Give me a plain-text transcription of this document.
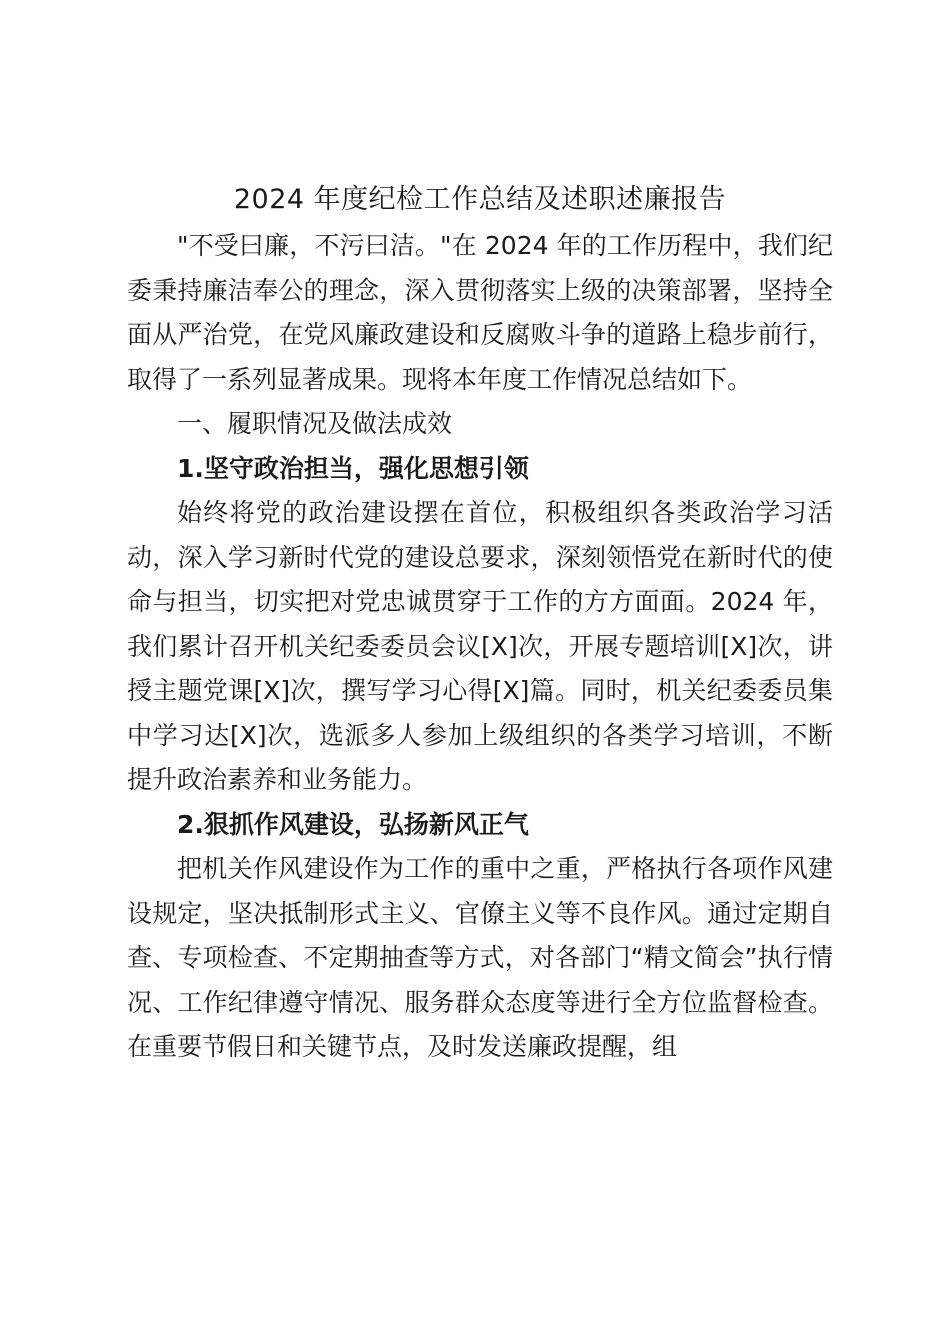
2024 年度纪检工作总结及述职述廉报告

"不受曰廉，不污曰洁。"在 2024 年的工作历程中，我们纪委秉持廉洁奉公的理念，深入贯彻落实上级的决策部署，坚持全面从严治党，在党风廉政建设和反腐败斗争的道路上稳步前行，取得了一系列显著成果。现将本年度工作情况总结如下。

一、履职情况及做法成效

1.坚守政治担当，强化思想引领

始终将党的政治建设摆在首位，积极组织各类政治学习活动，深入学习新时代党的建设总要求，深刻领悟党在新时代的使命与担当，切实把对党忠诚贯穿于工作的方方面面。2024 年，我们累计召开机关纪委委员会议[X]次，开展专题培训[X]次，讲授主题党课[X]次，撰写学习心得[X]篇。同时，机关纪委委员集中学习达[X]次，选派多人参加上级组织的各类学习培训，不断提升政治素养和业务能力。

2.狠抓作风建设，弘扬新风正气

把机关作风建设作为工作的重中之重，严格执行各项作风建设规定，坚决抵制形式主义、官僚主义等不良作风。通过定期自查、专项检查、不定期抽查等方式，对各部门“精文简会”执行情况、工作纪律遵守情况、服务群众态度等进行全方位监督检查。在重要节假日和关键节点，及时发送廉政提醒，组
